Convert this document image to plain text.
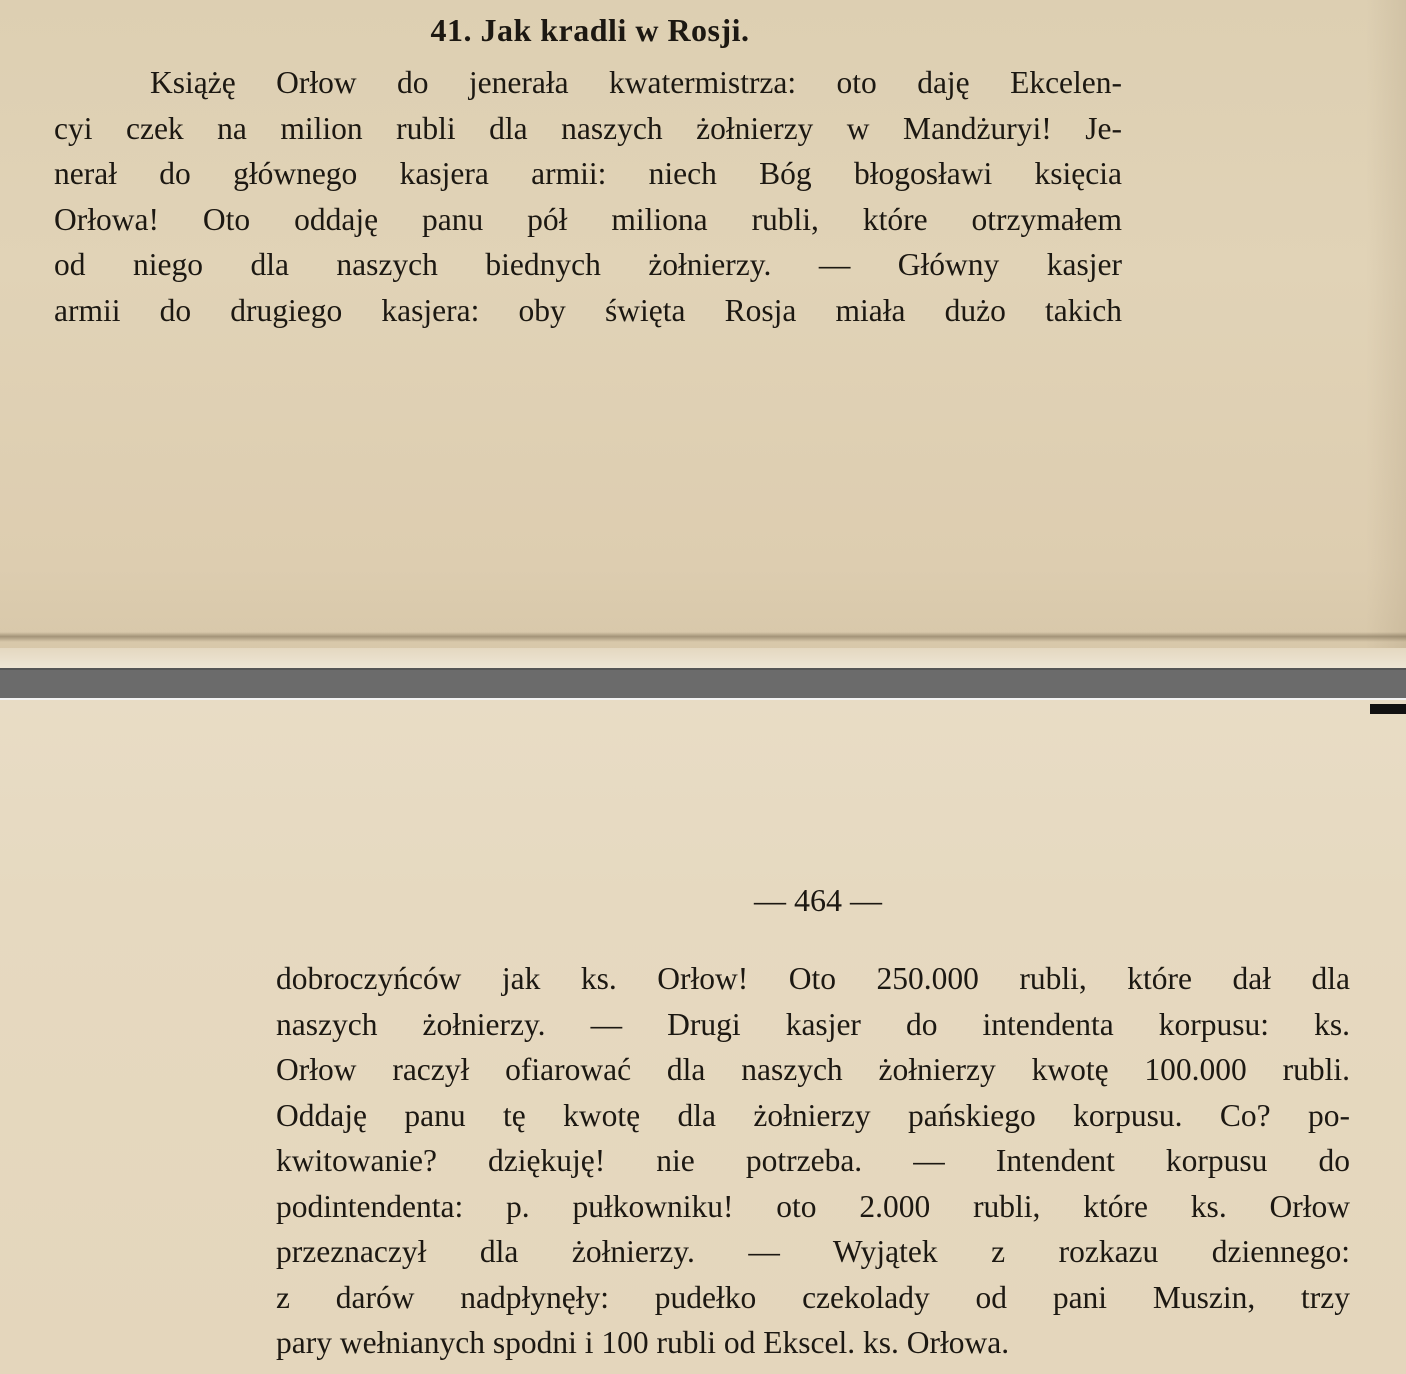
41. Jak kradli w Rosji.
Książę Orłow do jenerała kwatermistrza: oto daję Ekcelen-
cyi czek na milion rubli dla naszych żołnierzy w Mandżuryi! Je-
nerał do głównego kasjera armii: niech Bóg błogosławi księcia
Orłowa! Oto oddaję panu pół miliona rubli, które otrzymałem
od niego dla naszych biednych żołnierzy. — Główny kasjer
armii do drugiego kasjera: oby święta Rosja miała dużo takich
— 464 —
dobroczyńców jak ks. Orłow! Oto 250.000 rubli, które dał dla
naszych żołnierzy. — Drugi kasjer do intendenta korpusu: ks.
Orłow raczył ofiarować dla naszych żołnierzy kwotę 100.000 rubli.
Oddaję panu tę kwotę dla żołnierzy pańskiego korpusu. Co? po-
kwitowanie? dziękuję! nie potrzeba. — Intendent korpusu do
podintendenta: p. pułkowniku! oto 2.000 rubli, które ks. Orłow
przeznaczył dla żołnierzy. — Wyjątek z rozkazu dziennego:
z darów nadpłynęły: pudełko czekolady od pani Muszin, trzy
pary wełnianych spodni i 100 rubli od Ekscel. ks. Orłowa.
